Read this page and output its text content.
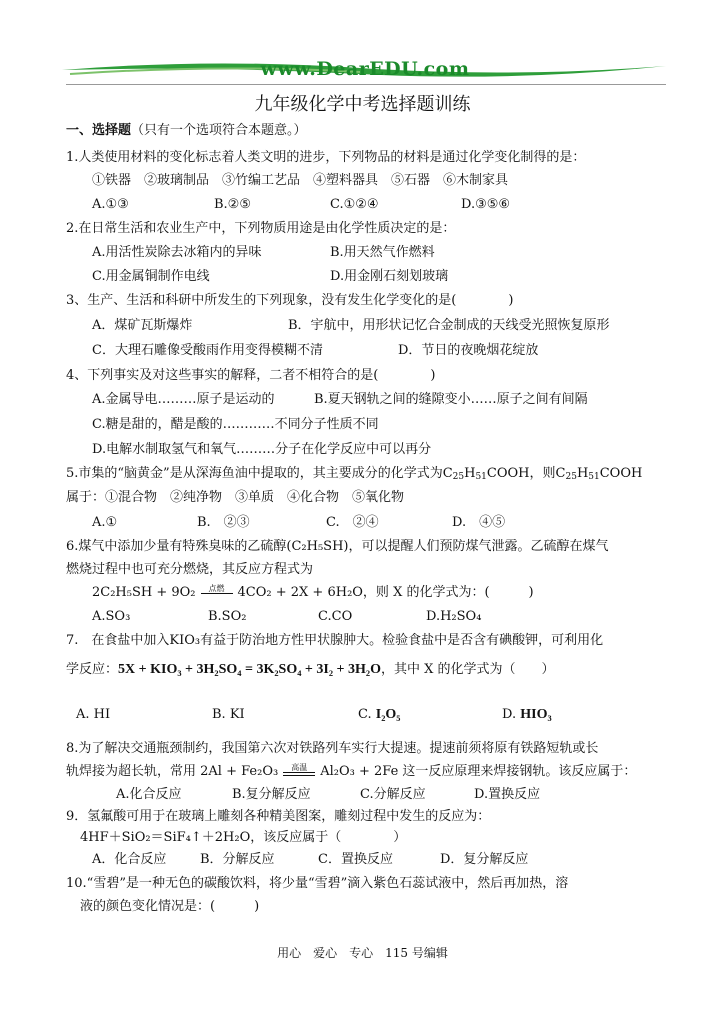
www.DearEDU.com
九年级化学中考选择题训练
一、选择题（只有一个选项符合本题意。）
1.人类使用材料的变化标志着人类文明的进步，下列物品的材料是通过化学变化制得的是：
①铁器　②玻璃制品　③竹编工艺品　④塑料器具　⑤石器　⑥木制家具
A.①③	B.②⑤	C.①②④	D.③⑤⑥
2.在日常生活和农业生产中，下列物质用途是由化学性质决定的是：
A.用活性炭除去冰箱内的异味	B.用天然气作燃料
C.用金属铜制作电线	D.用金刚石刻划玻璃
3、生产、生活和科研中所发生的下列现象，没有发生化学变化的是(　　　　)
A．煤矿瓦斯爆炸	B．宇航中，用形状记忆合金制成的天线受光照恢复原形
C．大理石雕像受酸雨作用变得模糊不清	D．节日的夜晚烟花绽放
4、下列事实及对这些事实的解释，二者不相符合的是(　　　　)
A.金属导电………原子是运动的	B.夏天钢轨之间的缝隙变小……原子之间有间隔
C.糖是甜的，醋是酸的…………不同分子性质不同
D.电解水制取氢气和氧气………分子在化学反应中可以再分
5.市集的“脑黄金”是从深海鱼油中提取的，其主要成分的化学式为$C_{25}H_{51}COOH$，则$C_{25}H_{51}COOH$
属于：①混合物　②纯净物　③单质　④化合物　⑤氧化物
A.①	B.　②③	C.　②④	D.　④⑤
6.煤气中添加少量有特殊臭味的乙硫醇(C₂H₅SH)，可以提醒人们预防煤气泄露。乙硫醇在煤气
燃烧过程中也可充分燃烧，其反应方程式为
2C₂H₅SH + 9O₂	点燃	4CO₂ + 2X + 6H₂O，则 X 的化学式为：(　　　)
A.SO₃	B.SO₂	C.CO	D.H₂SO₄
7.　在食盐中加入KIO₃有益于防治地方性甲状腺肿大。检验食盐中是否含有碘酸钾，可利用化
学反应：5X + KIO₃ + 3H₂SO₄ = 3K₂SO₄ + 3I₂ + 3H₂O，其中 X 的化学式为（　　）
A. HI	B. KI	C. I₂O₅	D. HIO₃
8.为了解决交通瓶颈制约，我国第六次对铁路列车实行大提速。提速前须将原有铁路短轨或长
轨焊接为超长轨，常用 2Al + Fe₂O₃	高温	Al₂O₃ + 2Fe 这一反应原理来焊接钢轨。该反应属于：
A.化合反应	B.复分解反应	C.分解反应	D.置换反应
9．氢氟酸可用于在玻璃上雕刻各种精美图案，雕刻过程中发生的反应为：
4HF＋SiO₂＝SiF₄↑＋2H₂O，该反应属于（　　　　）
A．化合反应	B．分解反应	C．置换反应	D．复分解反应
10.“雪碧”是一种无色的碳酸饮料，将少量“雪碧”滴入紫色石蕊试液中，然后再加热，溶
液的颜色变化情况是：(　　　)
用心　爱心　专心　115 号编辑
